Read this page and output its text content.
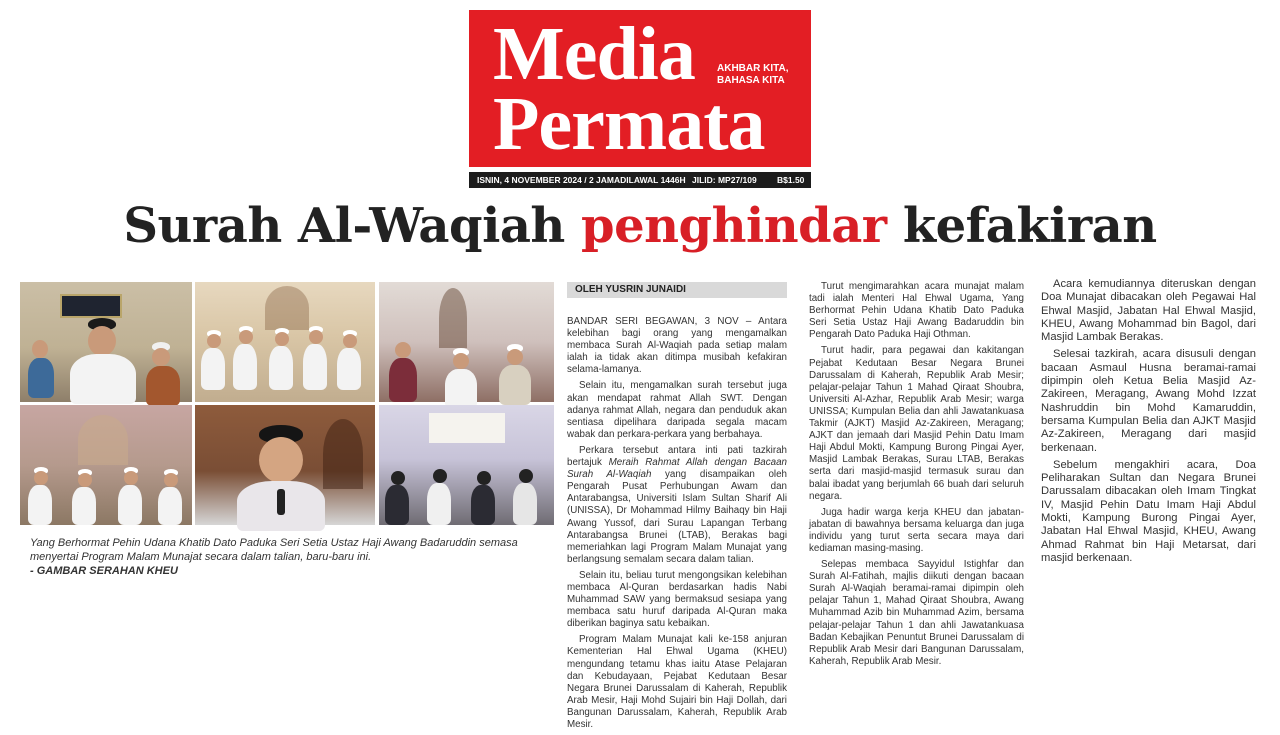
Media AKHBAR KITA,
BAHASA KITA
Permata
ISNIN, 4 NOVEMBER 2024 / 2 JAMADILAWAL 1446H JILID: MP27/109 B$1.50
Surah Al-Waqiah penghindar kefakiran
Yang Berhormat Pehin Udana Khatib Dato Paduka Seri Setia Ustaz Haji Awang Badaruddin semasa menyertai Program Malam Munajat secara dalam talian, baru-baru ini.
- GAMBAR SERAHAN KHEU
OLEH YUSRIN JUNAIDI

BANDAR SERI BEGAWAN, 3 NOV – Antara kelebihan bagi orang yang mengamalkan membaca Surah Al-Waqiah pada setiap malam ialah ia tidak akan ditimpa musibah kefakiran selama-lamanya.

Selain itu, mengamalkan surah tersebut juga akan mendapat rahmat Allah SWT. Dengan adanya rahmat Allah, negara dan penduduk akan sentiasa dipelihara daripada segala macam wabak dan perkara-perkara yang berbahaya.

Perkara tersebut antara inti pati tazkirah bertajuk Meraih Rahmat Allah dengan Bacaan Surah Al-Waqiah yang disampaikan oleh Pengarah Pusat Perhubungan Awam dan Antarabangsa, Universiti Islam Sultan Sharif Ali (UNISSA), Dr Mohammad Hilmy Baihaqy bin Haji Awang Yussof, dari Surau Lapangan Terbang Antarabangsa Brunei (LTAB), Berakas bagi memeriahkan lagi Program Malam Munajat yang berlangsung semalam secara dalam talian.

Selain itu, beliau turut mengongsikan kelebihan membaca Al-Quran berdasarkan hadis Nabi Muhammad SAW yang bermaksud sesiapa yang membaca satu huruf daripada Al-Quran maka diberikan baginya satu kebaikan.

Program Malam Munajat kali ke-158 anjuran Kementerian Hal Ehwal Ugama (KHEU) mengundang tetamu khas iaitu Atase Pelajaran dan Kebudayaan, Pejabat Kedutaan Besar Negara Brunei Darussalam di Kaherah, Republik Arab Mesir, Haji Mohd Sujairi bin Haji Dollah, dari Bangunan Darussalam, Kaherah, Republik Arab Mesir.

Turut mengimarahkan acara munajat malam tadi ialah Menteri Hal Ehwal Ugama, Yang Berhormat Pehin Udana Khatib Dato Paduka Seri Setia Ustaz Haji Awang Badaruddin bin Pengarah Dato Paduka Haji Othman.

Turut hadir, para pegawai dan kakitangan Pejabat Kedutaan Besar Negara Brunei Darussalam di Kaherah, Republik Arab Mesir; pelajar-pelajar Tahun 1 Mahad Qiraat Shoubra, Universiti Al-Azhar, Republik Arab Mesir; warga UNISSA; Kumpulan Belia dan ahli Jawatankuasa Takmir (AJKT) Masjid Az-Zakireen, Meragang; AJKT dan jemaah dari Masjid Pehin Datu Imam Haji Abdul Mokti, Kampung Burong Pingai Ayer, Masjid Lambak Berakas, Surau LTAB, Berakas serta dari masjid-masjid termasuk surau dan balai ibadat yang berjumlah 66 buah dari seluruh negara.

Juga hadir warga kerja KHEU dan jabatan-jabatan di bawahnya bersama keluarga dan juga individu yang turut serta secara maya dari kediaman masing-masing.

Selepas membaca Sayyidul Istighfar dan Surah Al-Fatihah, majlis diikuti dengan bacaan Surah Al-Waqiah beramai-ramai dipimpin oleh pelajar Tahun 1, Mahad Qiraat Shoubra, Awang Muhammad Azib bin Muhammad Azim, bersama pelajar-pelajar Tahun 1 dan ahli Jawatankuasa Badan Kebajikan Penuntut Brunei Darussalam di Republik Arab Mesir dari Bangunan Darussalam, Kaherah, Republik Arab Mesir.

Acara kemudiannya diteruskan dengan Doa Munajat dibacakan oleh Pegawai Hal Ehwal Masjid, Jabatan Hal Ehwal Masjid, KHEU, Awang Mohammad bin Bagol, dari Masjid Lambak Berakas.

Selesai tazkirah, acara disusuli dengan bacaan Asmaul Husna beramai-ramai dipimpin oleh Ketua Belia Masjid Az-Zakireen, Meragang, Awang Mohd Izzat Nashruddin bin Mohd Kamaruddin, bersama Kumpulan Belia dan AJKT Masjid Az-Zakireen, Meragang dari masjid berkenaan.

Sebelum mengakhiri acara, Doa Peliharakan Sultan dan Negara Brunei Darussalam dibacakan oleh Imam Tingkat IV, Masjid Pehin Datu Imam Haji Abdul Mokti, Kampung Burong Pingai Ayer, Jabatan Hal Ehwal Masjid, KHEU, Awang Ahmad Rahmat bin Haji Metarsat, dari masjid berkenaan.
